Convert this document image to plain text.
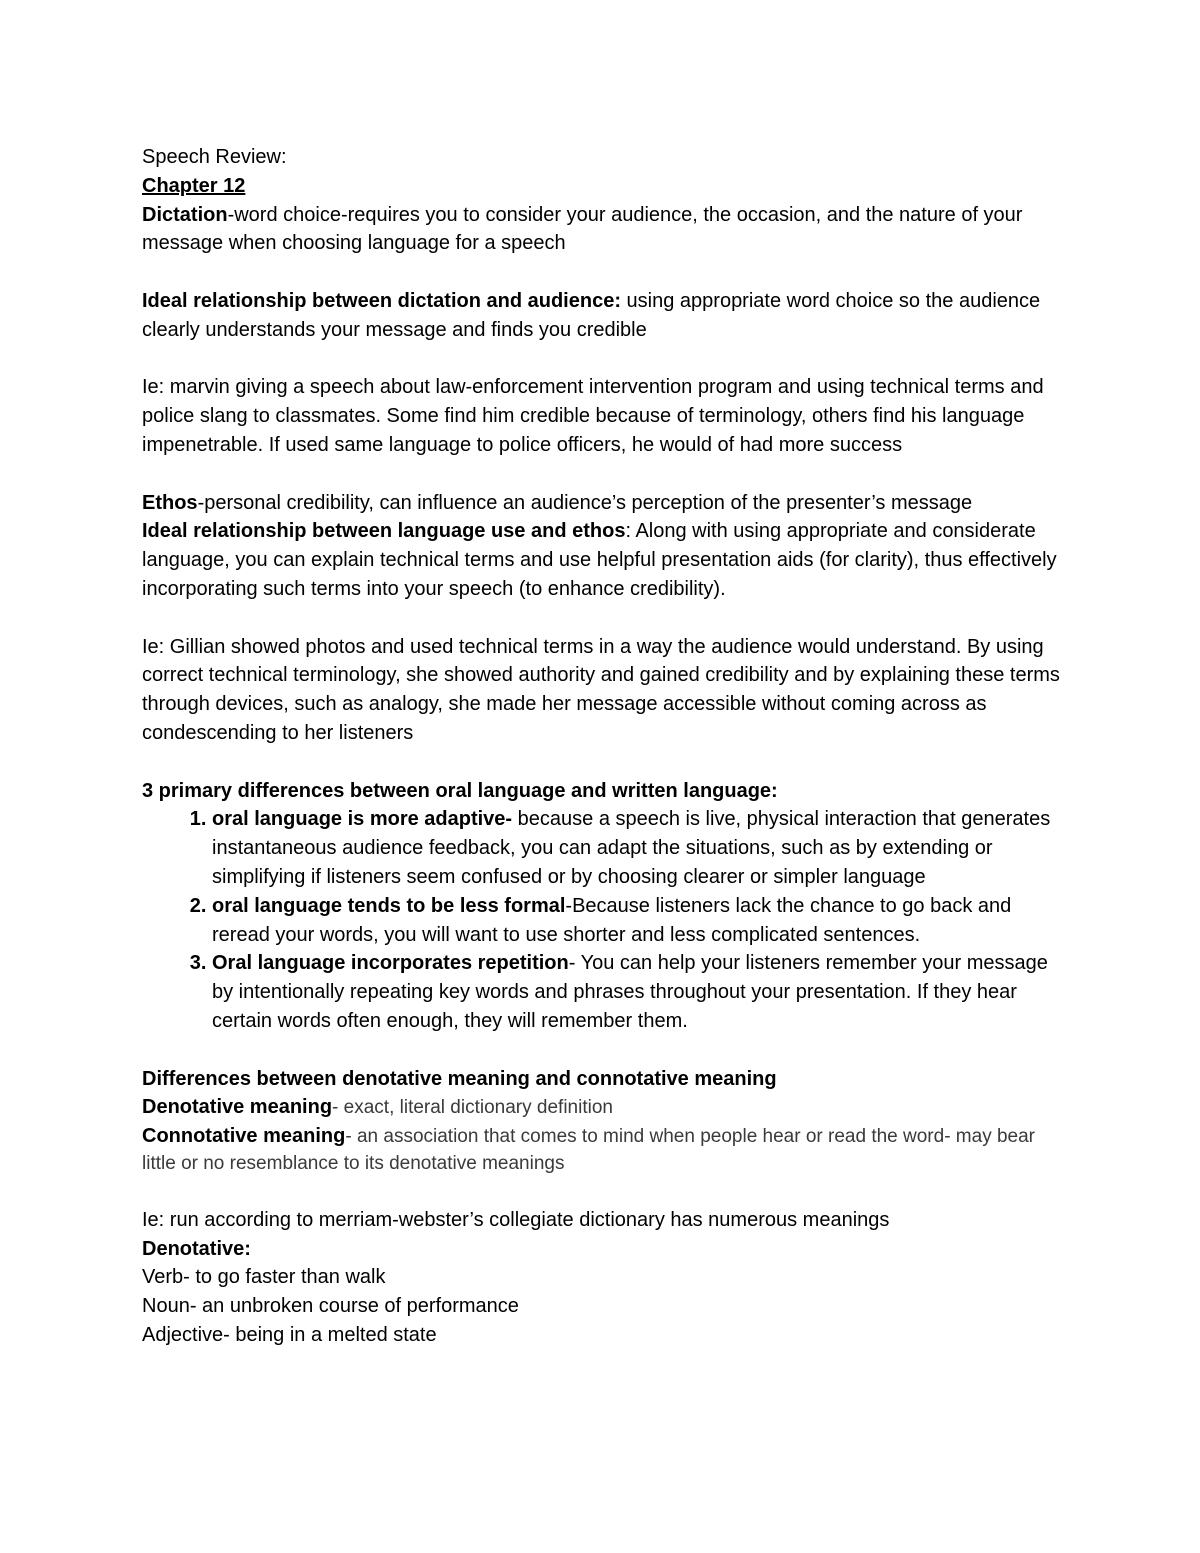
Speech Review:

Chapter 12

Dictation-word choice-requires you to consider your audience, the occasion, and the nature of your message when choosing language for a speech

Ideal relationship between dictation and audience: using appropriate word choice so the audience clearly understands your message and finds you credible

Ie: marvin giving a speech about law-enforcement intervention program and using technical terms and police slang to classmates. Some find him credible because of terminology, others find his language impenetrable. If used same language to police officers, he would of had more success

Ethos-personal credibility, can influence an audience’s perception of the presenter’s message

Ideal relationship between language use and ethos: Along with using appropriate and considerate language, you can explain technical terms and use helpful presentation aids (for clarity), thus effectively incorporating such terms into your speech (to enhance credibility).

Ie: Gillian showed photos and used technical terms in a way the audience would understand. By using correct technical terminology, she showed authority and gained credibility and by explaining these terms through devices, such as analogy, she made her message accessible without coming across as condescending to her listeners

3 primary differences between oral language and written language:

1. oral language is more adaptive- because a speech is live, physical interaction that generates instantaneous audience feedback, you can adapt the situations, such as by extending or simplifying if listeners seem confused or by choosing clearer or simpler language
2. oral language tends to be less formal-Because listeners lack the chance to go back and reread your words, you will want to use shorter and less complicated sentences.
3. Oral language incorporates repetition- You can help your listeners remember your message by intentionally repeating key words and phrases throughout your presentation. If they hear certain words often enough, they will remember them.

Differences between denotative meaning and connotative meaning

Denotative meaning- exact, literal dictionary definition

Connotative meaning- an association that comes to mind when people hear or read the word- may bear little or no resemblance to its denotative meanings

Ie: run according to merriam-webster’s collegiate dictionary has numerous meanings

Denotative:

Verb- to go faster than walk

Noun- an unbroken course of performance

Adjective- being in a melted state
